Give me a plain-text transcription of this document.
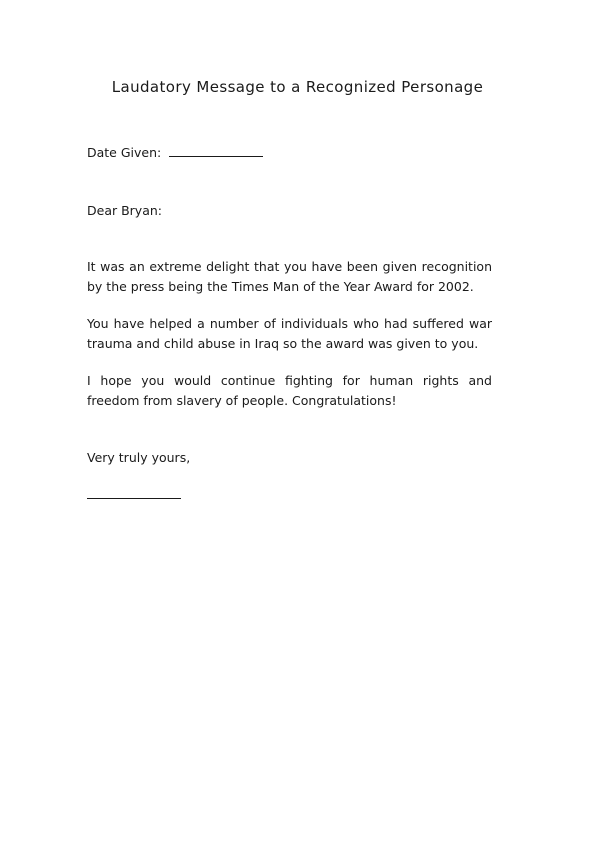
Laudatory Message to a Recognized Personage
Date Given:
Dear Bryan:
It was an extreme delight that you have been given recognition by the press being the Times Man of the Year Award for 2002.
You have helped a number of individuals who had suffered war trauma and child abuse in Iraq so the award was given to you.
I hope you would continue fighting for human rights and freedom from slavery of people. Congratulations!
Very truly yours,
